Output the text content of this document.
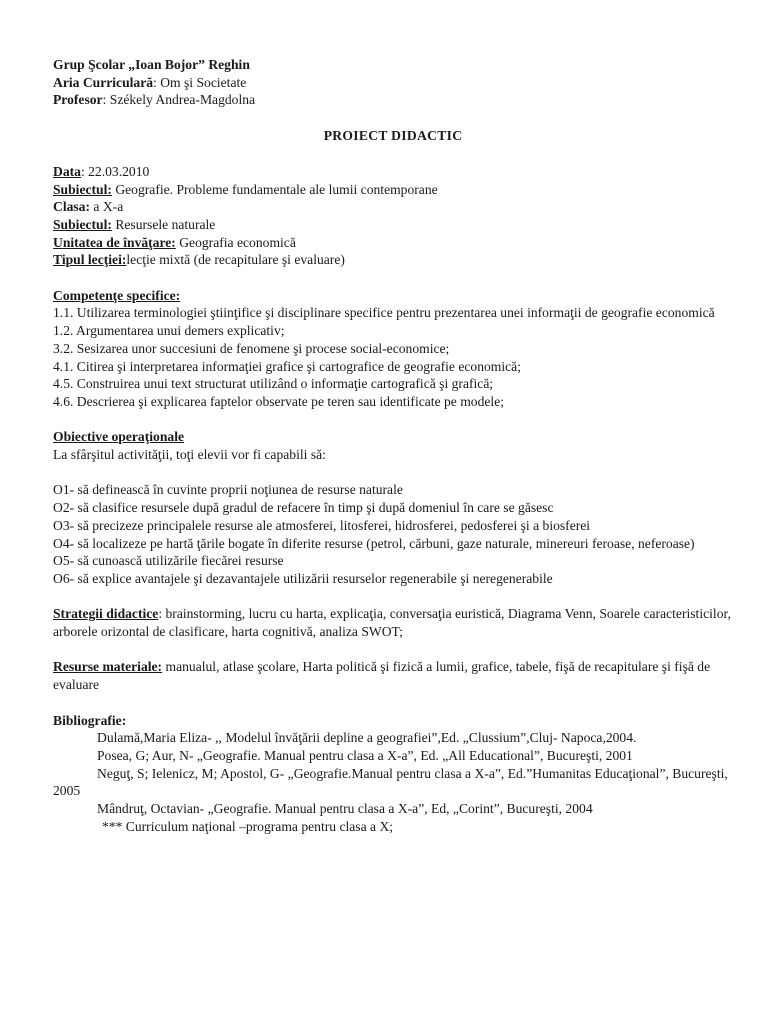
Grup Şcolar „Ioan Bojor” Reghin

Aria Curriculară: Om şi Societate

Profesor: Székely Andrea-Magdolna

PROIECT DIDACTIC

Data: 22.03.2010

Subiectul: Geografie. Probleme fundamentale ale lumii contemporane

Clasa: a X-a

Subiectul: Resursele naturale

Unitatea de învăţare: Geografia economică

Tipul lecţiei:lecţie mixtă (de recapitulare şi evaluare)

Competenţe specifice:

1.1. Utilizarea terminologiei ştiinţifice şi disciplinare specifice pentru prezentarea unei informaţii de geografie economică

1.2. Argumentarea unui demers explicativ;

3.2. Sesizarea unor succesiuni de fenomene şi procese social-economice;

4.1. Citirea şi interpretarea informaţiei grafice şi cartografice de geografie economică;

4.5. Construirea unui text structurat utilizând o informaţie cartografică şi grafică;

4.6. Descrierea şi explicarea faptelor observate pe teren sau identificate pe modele;

Obiective operaţionale

La sfârşitul activităţii, toţi elevii vor fi capabili să:

O1- să definească în cuvinte proprii noţiunea de resurse naturale

O2- să clasifice resursele după gradul de refacere în timp şi după domeniul în care se găsesc

O3- să precizeze principalele resurse ale atmosferei, litosferei, hidrosferei, pedosferei şi a biosferei

O4- să localizeze pe hartă ţările bogate în diferite resurse (petrol, cărbuni, gaze naturale, minereuri feroase, neferoase)

O5- să cunoască utilizările fiecărei resurse

O6- să explice avantajele şi dezavantajele utilizării resurselor regenerabile şi neregenerabile

Strategii didactice: brainstorming, lucru cu harta, explicaţia, conversaţia euristică, Diagrama Venn, Soarele caracteristicilor, arborele orizontal de clasificare, harta cognitivă, analiza SWOT;

Resurse materiale: manualul, atlase şcolare, Harta politică şi fizică a lumii, grafice, tabele, fişă de recapitulare şi fişă de evaluare

Bibliografie:

Dulamă,Maria Eliza- ,, Modelul învăţării depline a geografiei”,Ed. „Clussium”,Cluj- Napoca,2004.

Posea, G; Aur, N- „Geografie. Manual pentru clasa a X-a”, Ed. „All Educational”, Bucureşti, 2001

Neguţ, S; Ielenicz, M; Apostol, G- „Geografie.Manual pentru clasa a X-a”, Ed.”Humanitas Educaţional”, Bucureşti, 2005

Mândruţ, Octavian- „Geografie. Manual pentru clasa a X-a”, Ed, „Corint”, Bucureşti, 2004

*** Curriculum naţional –programa pentru clasa a X;
